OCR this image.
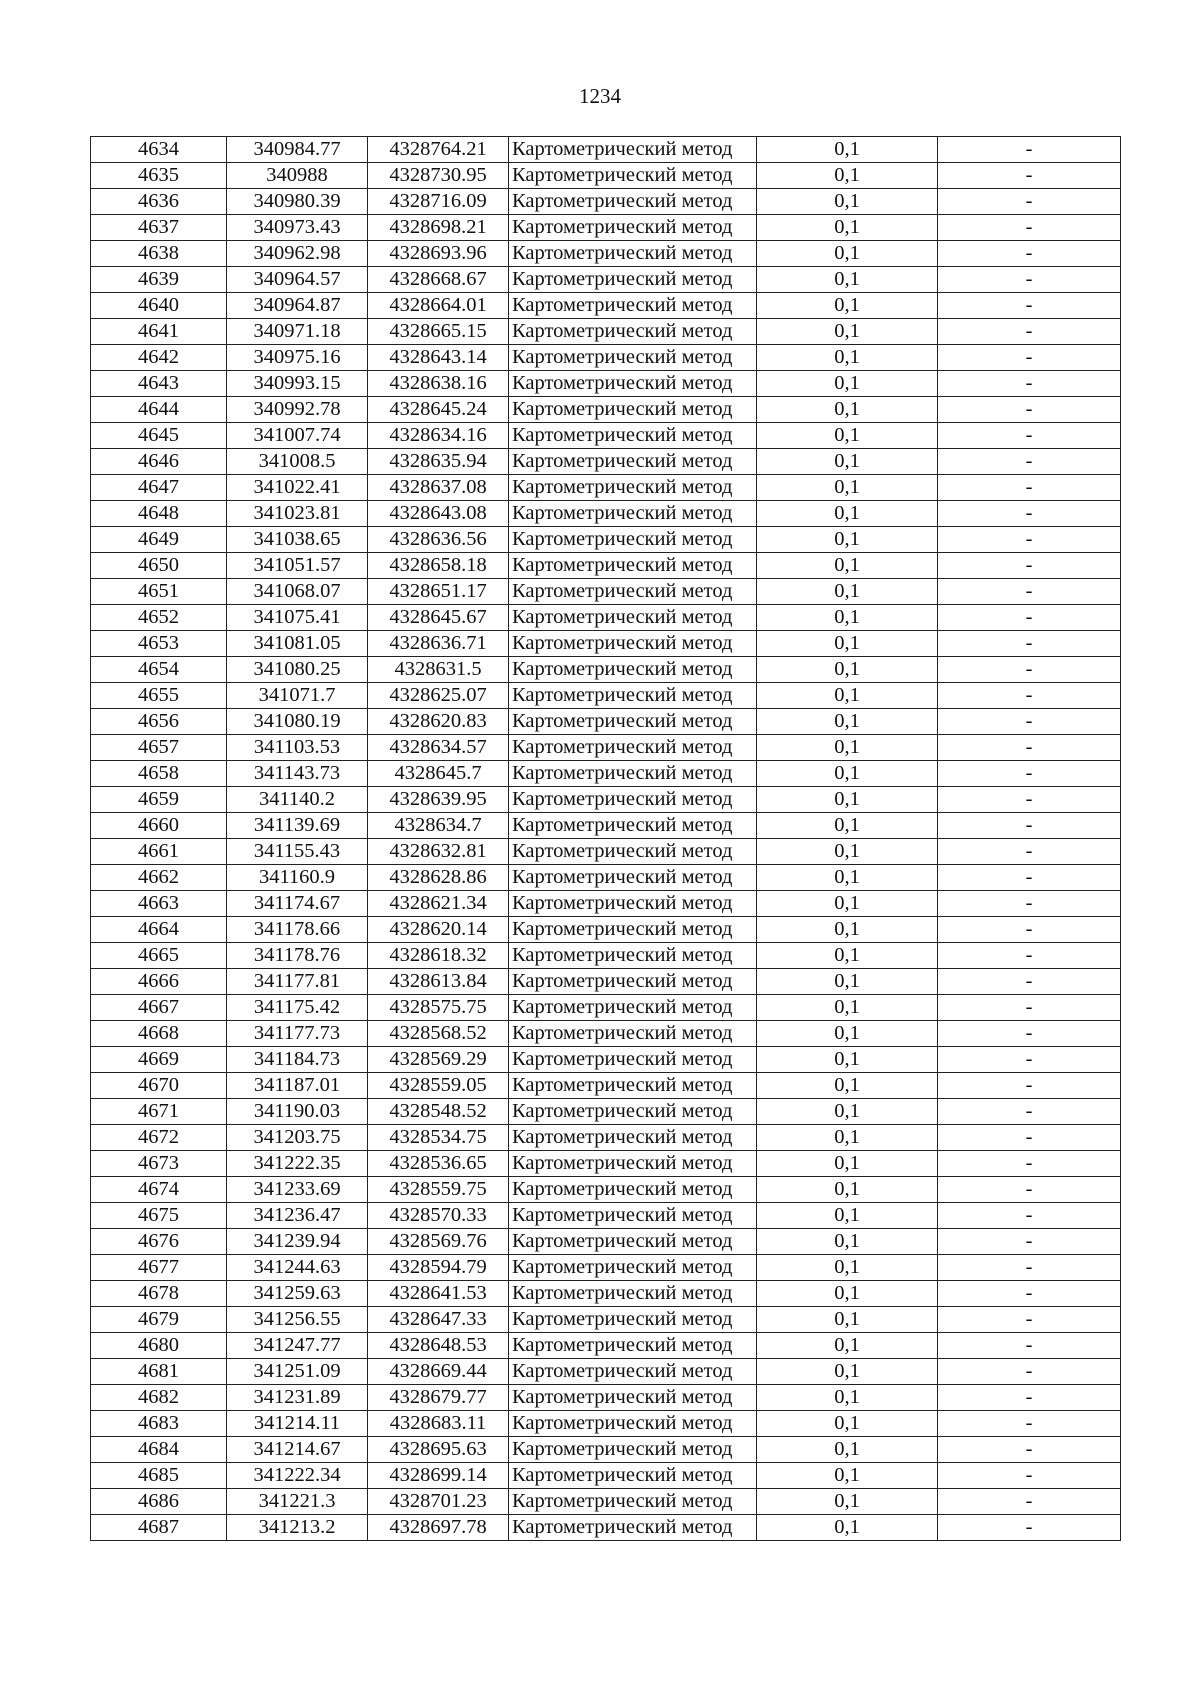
1234
4634	340984.77	4328764.21	Картометрический метод	0,1	-
4635	340988	4328730.95	Картометрический метод	0,1	-
4636	340980.39	4328716.09	Картометрический метод	0,1	-
4637	340973.43	4328698.21	Картометрический метод	0,1	-
4638	340962.98	4328693.96	Картометрический метод	0,1	-
4639	340964.57	4328668.67	Картометрический метод	0,1	-
4640	340964.87	4328664.01	Картометрический метод	0,1	-
4641	340971.18	4328665.15	Картометрический метод	0,1	-
4642	340975.16	4328643.14	Картометрический метод	0,1	-
4643	340993.15	4328638.16	Картометрический метод	0,1	-
4644	340992.78	4328645.24	Картометрический метод	0,1	-
4645	341007.74	4328634.16	Картометрический метод	0,1	-
4646	341008.5	4328635.94	Картометрический метод	0,1	-
4647	341022.41	4328637.08	Картометрический метод	0,1	-
4648	341023.81	4328643.08	Картометрический метод	0,1	-
4649	341038.65	4328636.56	Картометрический метод	0,1	-
4650	341051.57	4328658.18	Картометрический метод	0,1	-
4651	341068.07	4328651.17	Картометрический метод	0,1	-
4652	341075.41	4328645.67	Картометрический метод	0,1	-
4653	341081.05	4328636.71	Картометрический метод	0,1	-
4654	341080.25	4328631.5	Картометрический метод	0,1	-
4655	341071.7	4328625.07	Картометрический метод	0,1	-
4656	341080.19	4328620.83	Картометрический метод	0,1	-
4657	341103.53	4328634.57	Картометрический метод	0,1	-
4658	341143.73	4328645.7	Картометрический метод	0,1	-
4659	341140.2	4328639.95	Картометрический метод	0,1	-
4660	341139.69	4328634.7	Картометрический метод	0,1	-
4661	341155.43	4328632.81	Картометрический метод	0,1	-
4662	341160.9	4328628.86	Картометрический метод	0,1	-
4663	341174.67	4328621.34	Картометрический метод	0,1	-
4664	341178.66	4328620.14	Картометрический метод	0,1	-
4665	341178.76	4328618.32	Картометрический метод	0,1	-
4666	341177.81	4328613.84	Картометрический метод	0,1	-
4667	341175.42	4328575.75	Картометрический метод	0,1	-
4668	341177.73	4328568.52	Картометрический метод	0,1	-
4669	341184.73	4328569.29	Картометрический метод	0,1	-
4670	341187.01	4328559.05	Картометрический метод	0,1	-
4671	341190.03	4328548.52	Картометрический метод	0,1	-
4672	341203.75	4328534.75	Картометрический метод	0,1	-
4673	341222.35	4328536.65	Картометрический метод	0,1	-
4674	341233.69	4328559.75	Картометрический метод	0,1	-
4675	341236.47	4328570.33	Картометрический метод	0,1	-
4676	341239.94	4328569.76	Картометрический метод	0,1	-
4677	341244.63	4328594.79	Картометрический метод	0,1	-
4678	341259.63	4328641.53	Картометрический метод	0,1	-
4679	341256.55	4328647.33	Картометрический метод	0,1	-
4680	341247.77	4328648.53	Картометрический метод	0,1	-
4681	341251.09	4328669.44	Картометрический метод	0,1	-
4682	341231.89	4328679.77	Картометрический метод	0,1	-
4683	341214.11	4328683.11	Картометрический метод	0,1	-
4684	341214.67	4328695.63	Картометрический метод	0,1	-
4685	341222.34	4328699.14	Картометрический метод	0,1	-
4686	341221.3	4328701.23	Картометрический метод	0,1	-
4687	341213.2	4328697.78	Картометрический метод	0,1	-
